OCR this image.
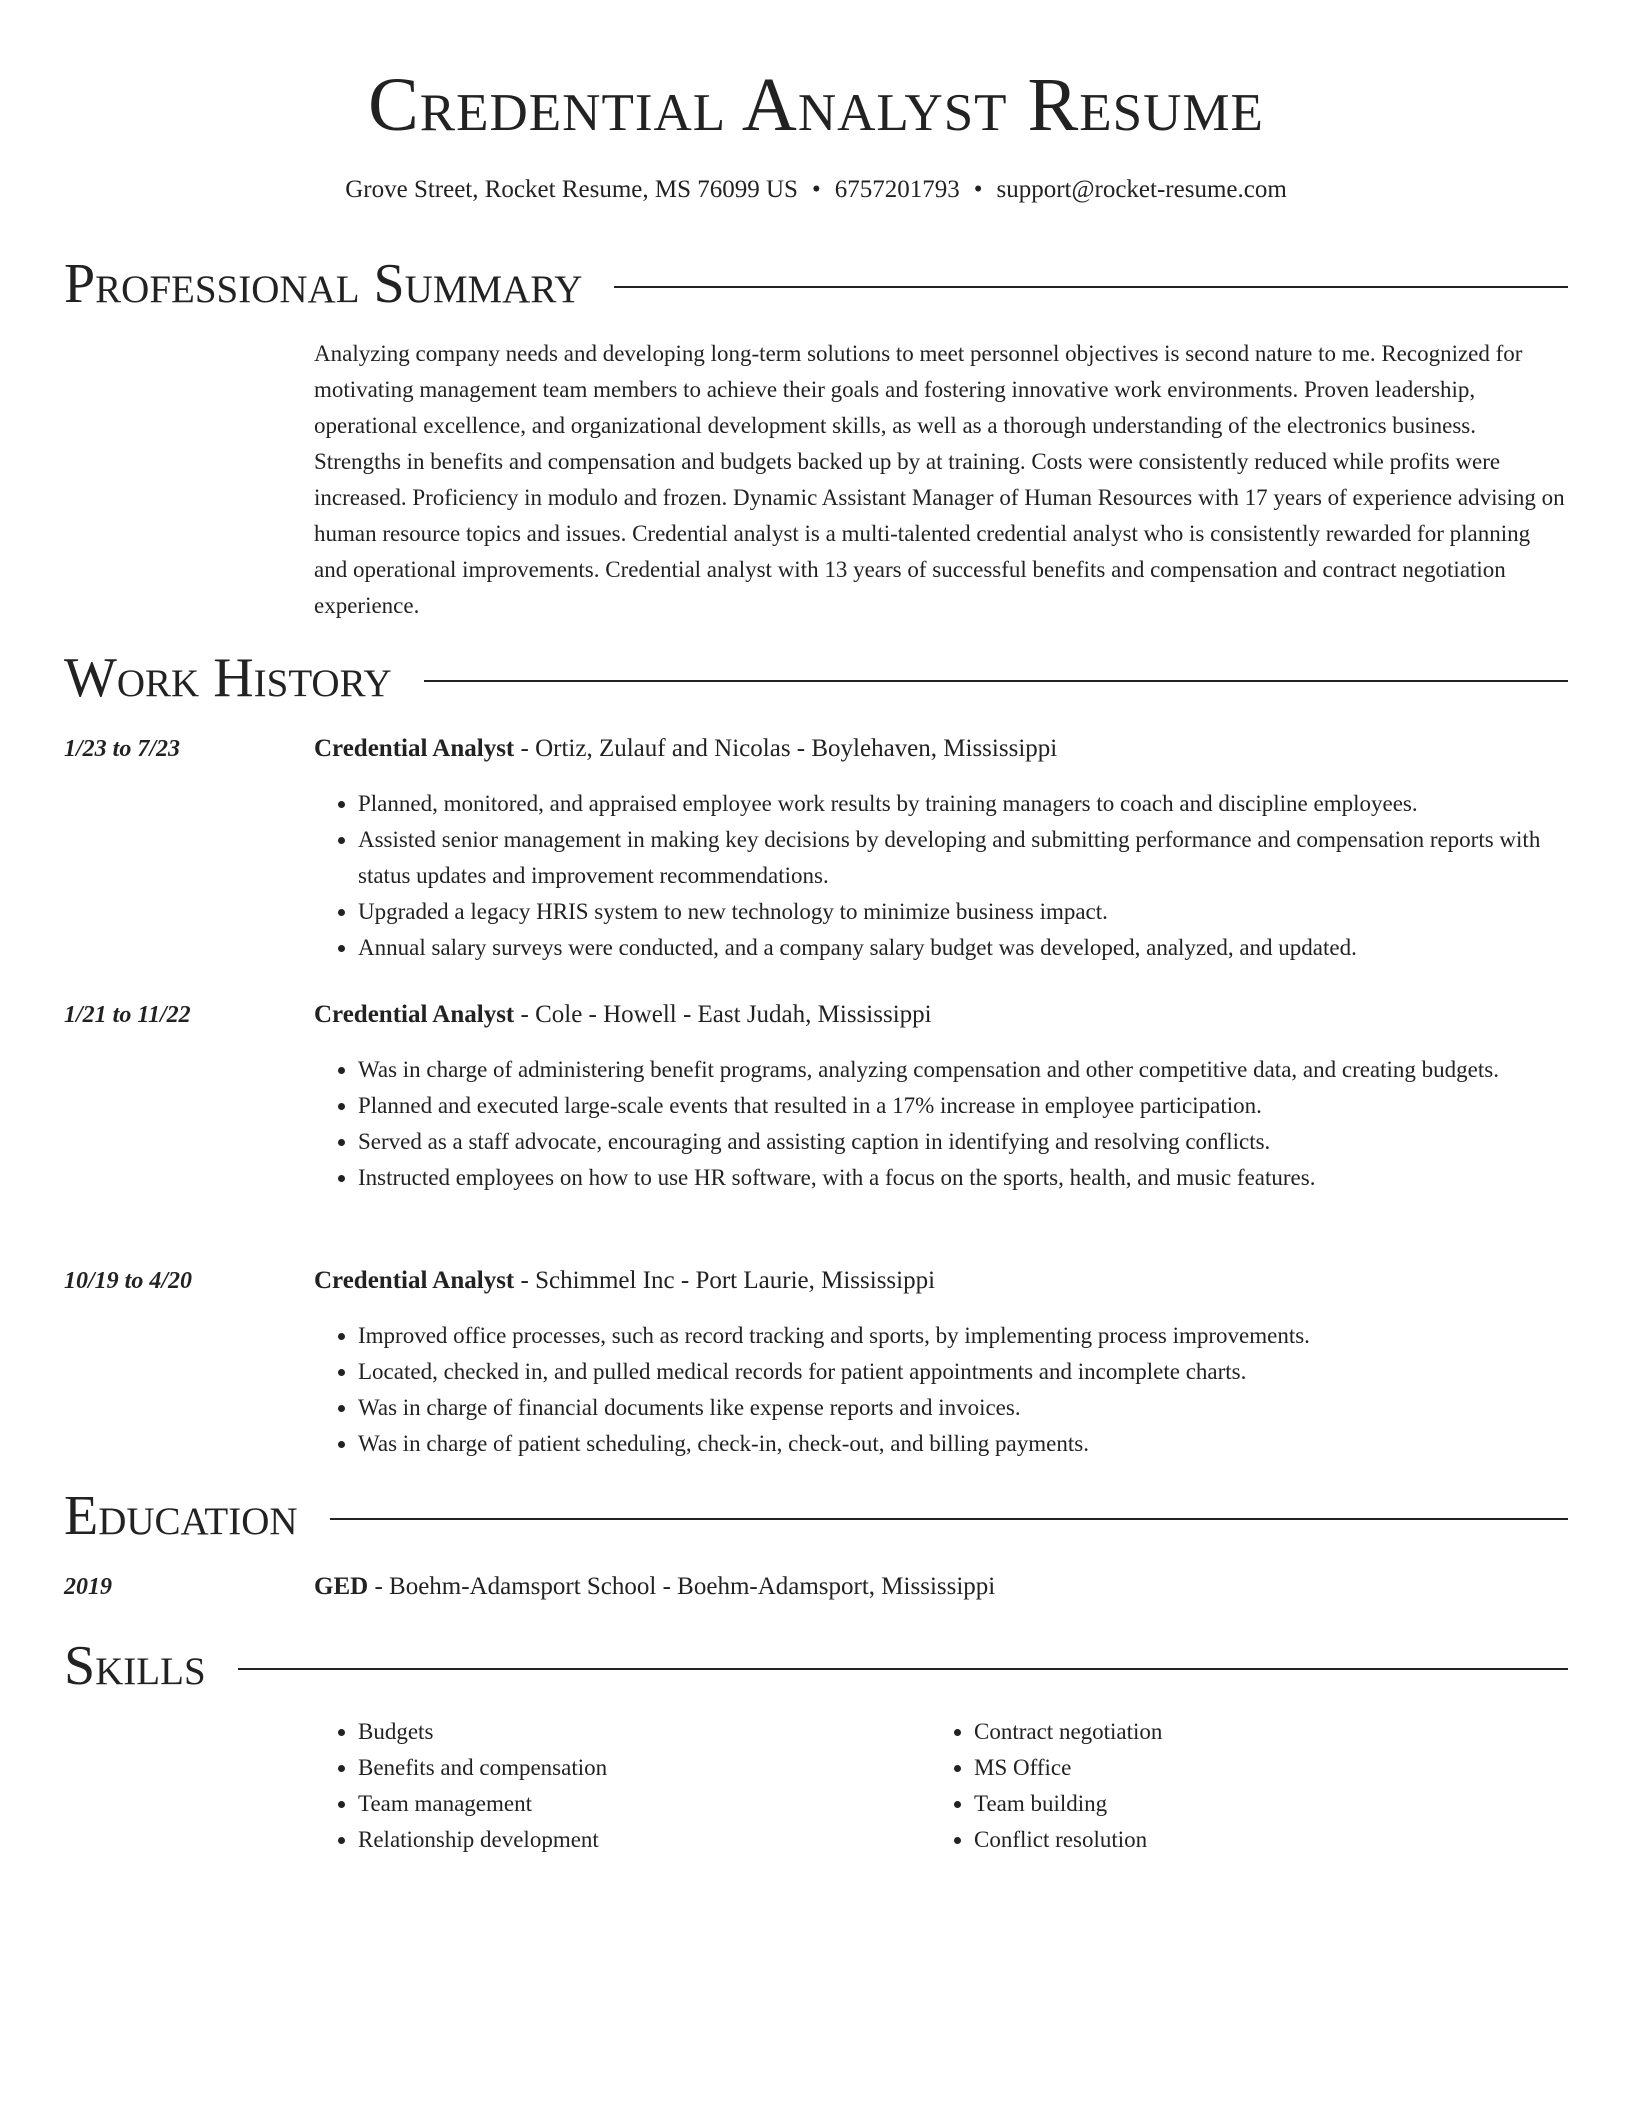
Credential Analyst Resume
Grove Street, Rocket Resume, MS 76099 US • 6757201793 • support@rocket-resume.com
Professional Summary

Analyzing company needs and developing long-term solutions to meet personnel objectives is second nature to me. Recognized for motivating management team members to achieve their goals and fostering innovative work environments. Proven leadership, operational excellence, and organizational development skills, as well as a thorough understanding of the electronics business. Strengths in benefits and compensation and budgets backed up by at training. Costs were consistently reduced while profits were increased. Proficiency in modulo and frozen. Dynamic Assistant Manager of Human Resources with 17 years of experience advising on human resource topics and issues. Credential analyst is a multi-talented credential analyst who is consistently rewarded for planning and operational improvements. Credential analyst with 13 years of successful benefits and compensation and contract negotiation experience.

Work History
1/23 to 7/23	Credential Analyst - Ortiz, Zulauf and Nicolas - Boylehaven, Mississippi
• Planned, monitored, and appraised employee work results by training managers to coach and discipline employees.
• Assisted senior management in making key decisions by developing and submitting performance and compensation reports with status updates and improvement recommendations.
• Upgraded a legacy HRIS system to new technology to minimize business impact.
• Annual salary surveys were conducted, and a company salary budget was developed, analyzed, and updated.
1/21 to 11/22	Credential Analyst - Cole - Howell - East Judah, Mississippi
• Was in charge of administering benefit programs, analyzing compensation and other competitive data, and creating budgets.
• Planned and executed large-scale events that resulted in a 17% increase in employee participation.
• Served as a staff advocate, encouraging and assisting caption in identifying and resolving conflicts.
• Instructed employees on how to use HR software, with a focus on the sports, health, and music features.
10/19 to 4/20	Credential Analyst - Schimmel Inc - Port Laurie, Mississippi
• Improved office processes, such as record tracking and sports, by implementing process improvements.
• Located, checked in, and pulled medical records for patient appointments and incomplete charts.
• Was in charge of financial documents like expense reports and invoices.
• Was in charge of patient scheduling, check-in, check-out, and billing payments.
Education
2019	GED - Boehm-Adamsport School - Boehm-Adamsport, Mississippi
Skills
• Budgets
• Benefits and compensation
• Team management
• Relationship development
• Contract negotiation
• MS Office
• Team building
• Conflict resolution
